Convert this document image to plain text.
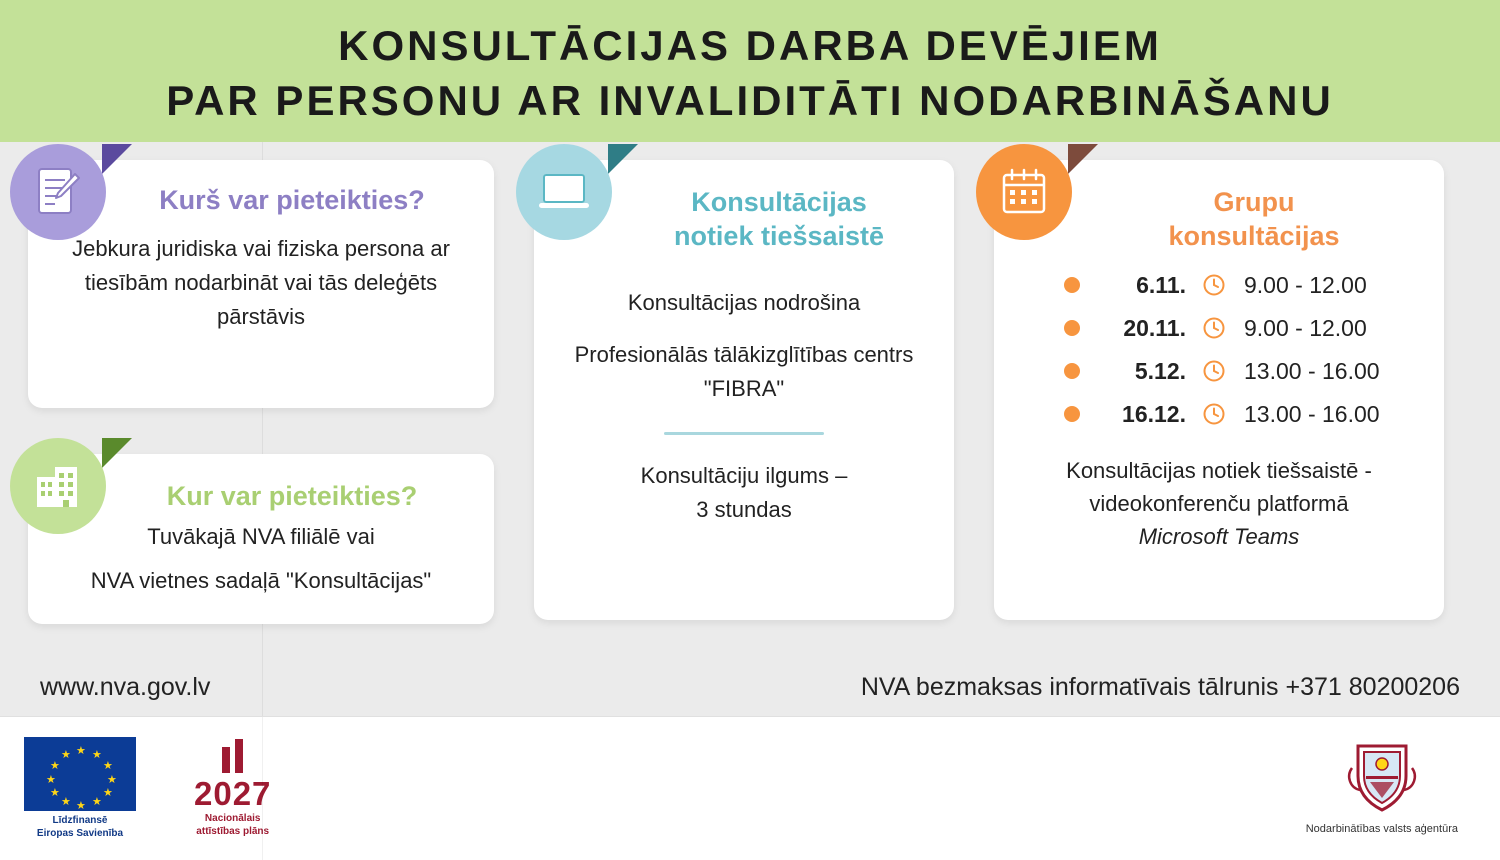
KONSULTĀCIJAS DARBA DEVĒJIEM
PAR PERSONU AR INVALIDITĀTI NODARBINĀŠANU
Kurš var pieteikties?
Jebkura juridiska vai fiziska persona ar tiesībām nodarbināt vai tās deleģēts pārstāvis
Kur var pieteikties?
Tuvākajā NVA filiālē vai
NVA vietnes sadaļā "Konsultācijas"
Konsultācijas
notiek tiešsaistē
Konsultācijas nodrošina
Profesionālās tālākizglītības centrs "FIBRA"
Konsultāciju ilgums –
3 stundas
Grupu
konsultācijas
6.11.	9.00 - 12.00
20.11.	9.00 - 12.00
5.12.	13.00 - 16.00
16.12.	13.00 - 16.00
Konsultācijas notiek tiešsaistē -
videokonferenču platformā
Microsoft Teams
www.nva.gov.lv	NVA bezmaksas informatīvais tālrunis +371 80200206
★ ★
★
★
★
★
★
★
★
★
★
★
Līdzfinansē
Eiropas Savienība
2027
Nacionālais
attīstības plāns	Nodarbinātības valsts aģentūra
